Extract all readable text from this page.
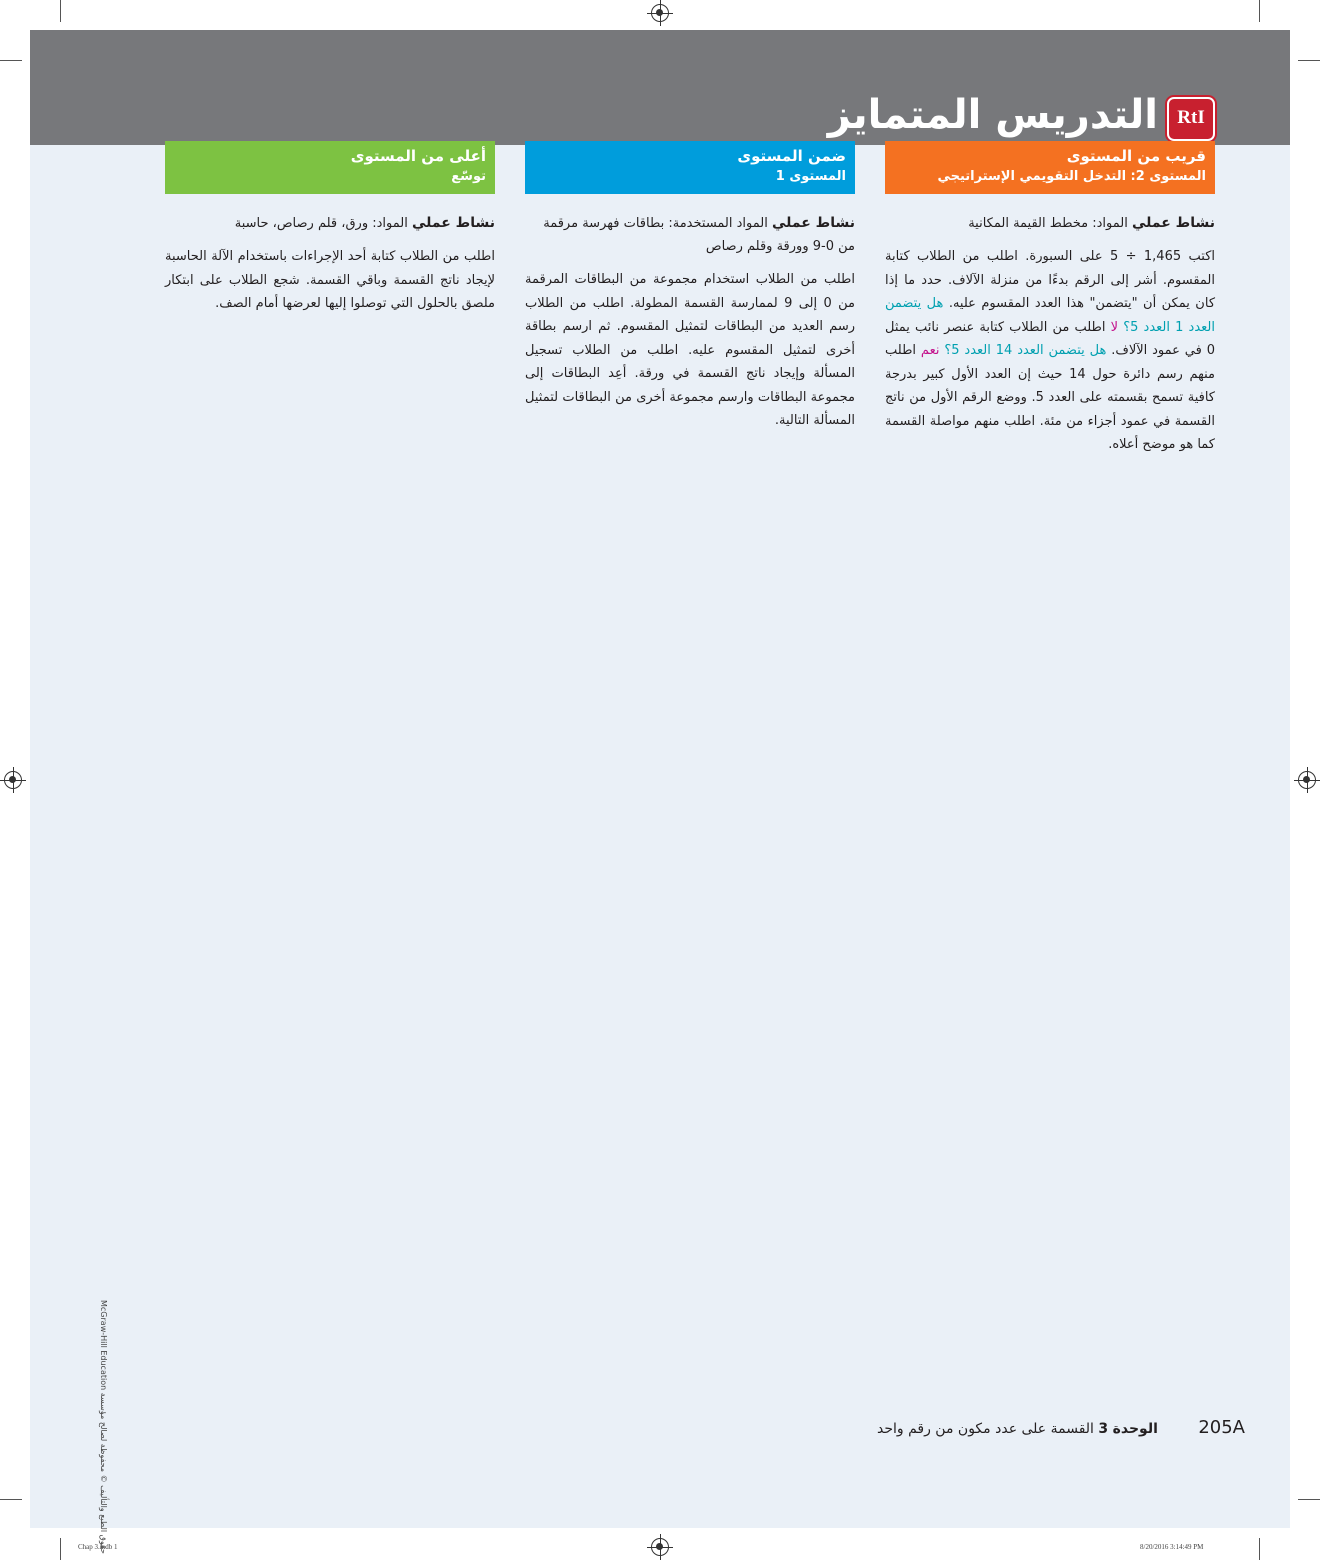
RtI
التدريس المتمايز
قريب من المستوى
المستوى 2: التدخل التقويمي الإستراتيجي
نشاط عملي المواد: مخطط القيمة المكانية
اكتب 1,465 ÷ 5 على السبورة. اطلب من الطلاب كتابة المقسوم. أشر إلى الرقم بدءًا من منزلة الآلاف. حدد ما إذا كان يمكن أن "يتضمن" هذا العدد المقسوم عليه. هل يتضمن العدد 1 العدد 5؟ لا اطلب من الطلاب كتابة عنصر نائب يمثل 0 في عمود الآلاف. هل يتضمن العدد 14 العدد 5؟ نعم اطلب منهم رسم دائرة حول 14 حيث إن العدد الأول كبير بدرجة كافية تسمح بقسمته على العدد 5. ووضع الرقم الأول من ناتج القسمة في عمود أجزاء من مئة. اطلب منهم مواصلة القسمة كما هو موضح أعلاه.
ضمن المستوى
المستوى 1
نشاط عملي المواد المستخدمة: بطاقات فهرسة مرقمة من 0-9 وورقة وقلم رصاص
اطلب من الطلاب استخدام مجموعة من البطاقات المرقمة من 0 إلى 9 لممارسة القسمة المطولة. اطلب من الطلاب رسم العديد من البطاقات لتمثيل المقسوم. ثم ارسم بطاقة أخرى لتمثيل المقسوم عليه. اطلب من الطلاب تسجيل المسألة وإيجاد ناتج القسمة في ورقة. أعِد البطاقات إلى مجموعة البطاقات وارسم مجموعة أخرى من البطاقات لتمثيل المسألة التالية.
أعلى من المستوى
توسّع
نشاط عملي المواد: ورق، قلم رصاص، حاسبة
اطلب من الطلاب كتابة أحد الإجراءات باستخدام الآلة الحاسبة لإيجاد ناتج القسمة وباقي القسمة. شجع الطلاب على ابتكار ملصق بالحلول التي توصلوا إليها لعرضها أمام الصف.
205A الوحدة 3 القسمة على عدد مكون من رقم واحد
حقوق الطبع والتأليف © محفوظة لصالح مؤسسة McGraw-Hill Education
Chap 3.indb 1	8/20/2016 3:14:49 PM
